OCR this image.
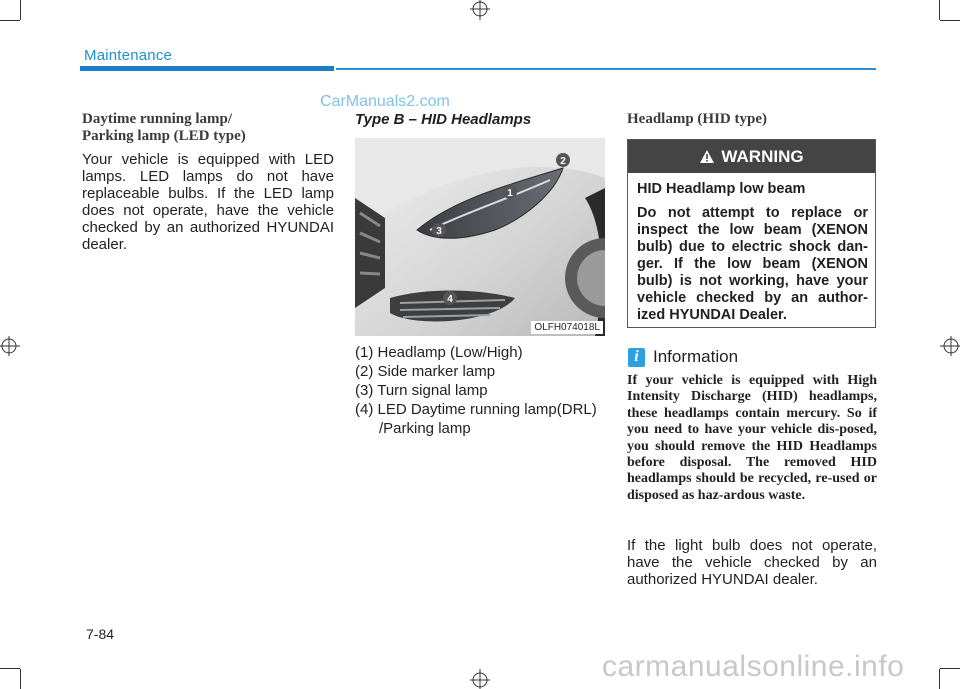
Maintenance
CarManuals2.com
Daytime running lamp/
Parking lamp (LED type)
Your vehicle is equipped with LED lamps. LED lamps do not have replaceable bulbs. If the LED lamp does not operate, have the vehicle checked by an authorized HYUNDAI dealer.
Type B – HID Headlamps
1
2
3
4
OLFH074018L
(1) Headlamp (Low/High)
(2) Side marker lamp
(3) Turn signal lamp
(4) LED Daytime running lamp(DRL)
/Parking lamp
Headlamp (HID type)
WARNING

HID Headlamp low beam

Do not attempt to replace or inspect the low beam (XENON bulb) due to electric shock dan-ger. If the low beam (XENON bulb) is not working, have your vehicle checked by an author-ized HYUNDAI Dealer.

i Information
If your vehicle is equipped with High Intensity Discharge (HID) headlamps, these headlamps contain mercury. So if you need to have your vehicle dis-posed, you should remove the HID Headlamps before disposal. The removed HID headlamps should be recycled, re-used or disposed as haz-ardous waste.
If the light bulb does not operate, have the vehicle checked by an authorized HYUNDAI dealer.
7-84
carmanualsonline.info
